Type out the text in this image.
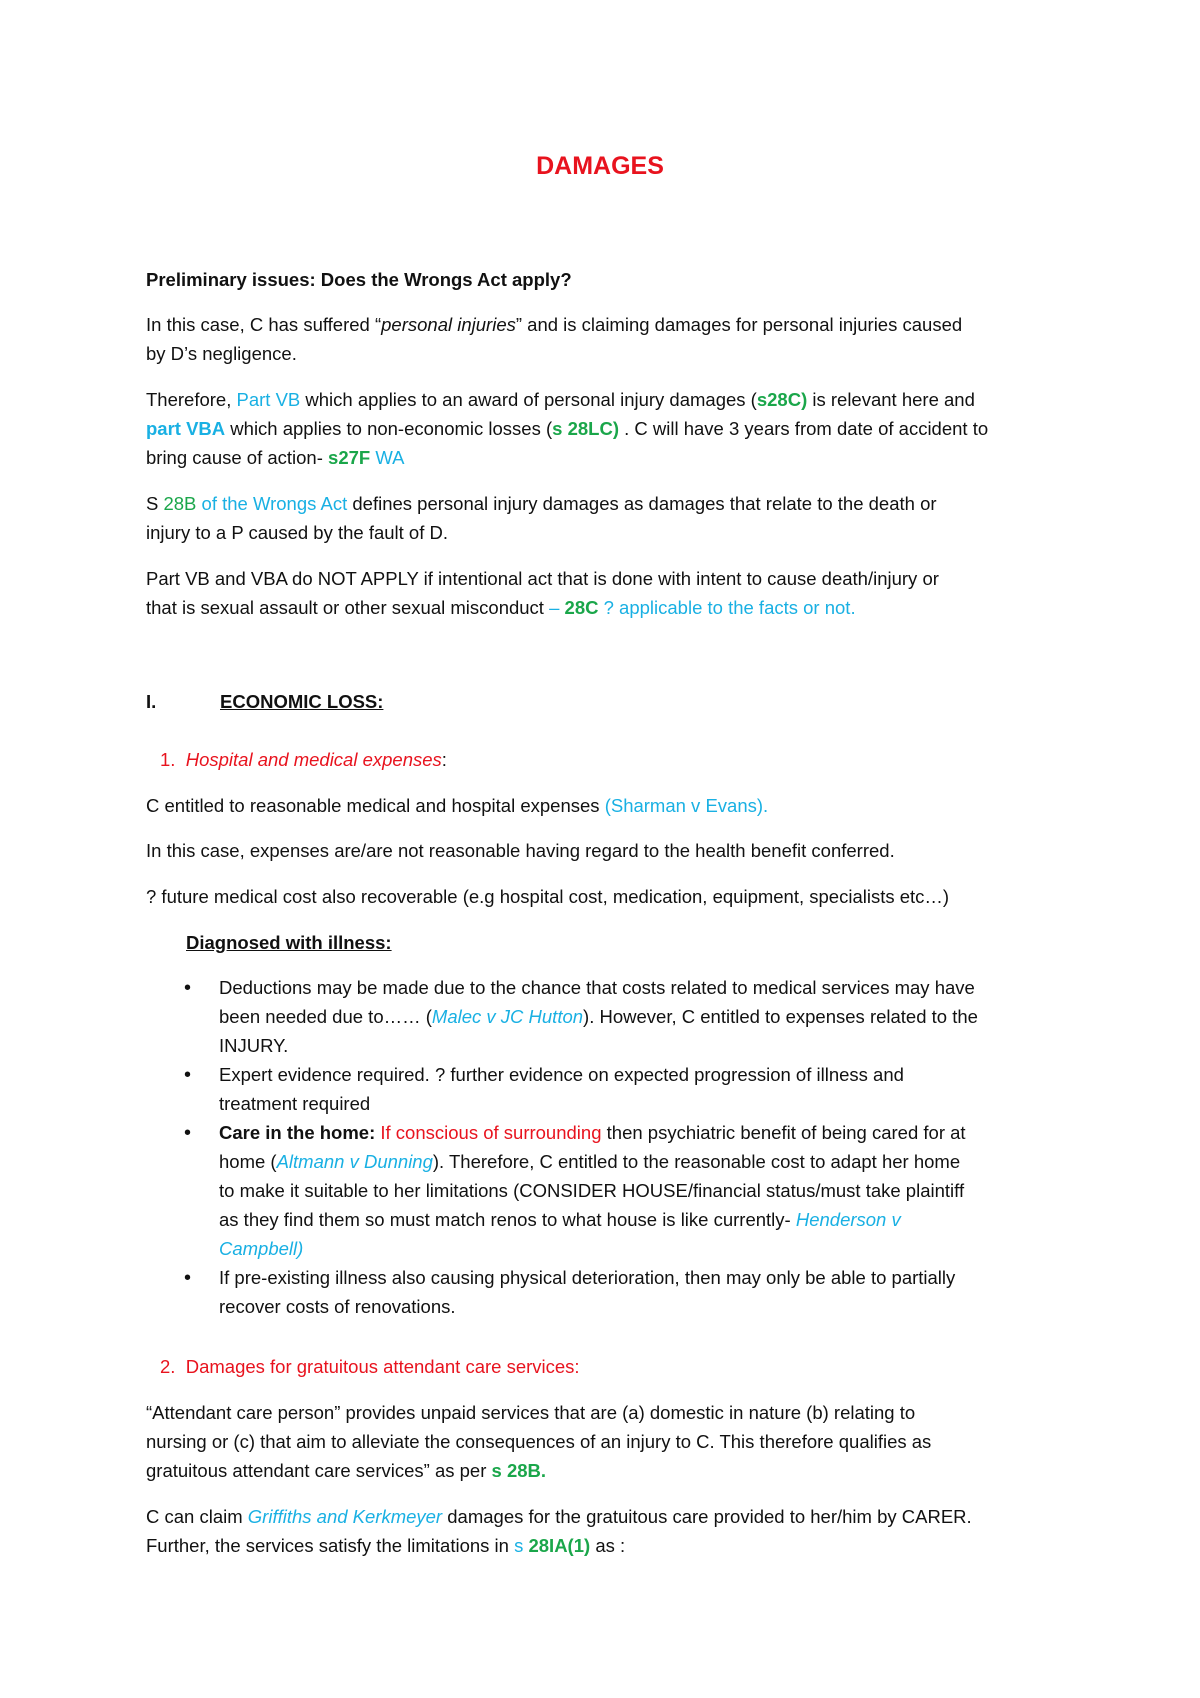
DAMAGES
Preliminary issues: Does the Wrongs Act apply?
In this case, C has suffered “personal injuries” and is claiming damages for personal injuries caused
by D’s negligence.
Therefore, Part VB which applies to an award of personal injury damages (s28C) is relevant here and
part VBA which applies to non-economic losses (s 28LC) . C will have 3 years from date of accident to
bring cause of action- s27F WA
S 28B of the Wrongs Act defines personal injury damages as damages that relate to the death or
injury to a P caused by the fault of D.
Part VB and VBA do NOT APPLY if intentional act that is done with intent to cause death/injury or
that is sexual assault or other sexual misconduct – 28C ? applicable to the facts or not.
I.	ECONOMIC LOSS:
1. Hospital and medical expenses:
C entitled to reasonable medical and hospital expenses (Sharman v Evans).
In this case, expenses are/are not reasonable having regard to the health benefit conferred.
? future medical cost also recoverable (e.g hospital cost, medication, equipment, specialists etc…)
Diagnosed with illness:
• Deductions may be made due to the chance that costs related to medical services may have
been needed due to…… (Malec v JC Hutton). However, C entitled to expenses related to the
INJURY.
• Expert evidence required. ? further evidence on expected progression of illness and
treatment required
• Care in the home: If conscious of surrounding then psychiatric benefit of being cared for at
home (Altmann v Dunning). Therefore, C entitled to the reasonable cost to adapt her home
to make it suitable to her limitations (CONSIDER HOUSE/financial status/must take plaintiff
as they find them so must match renos to what house is like currently- Henderson v
Campbell)
• If pre-existing illness also causing physical deterioration, then may only be able to partially
recover costs of renovations.
2. Damages for gratuitous attendant care services:
“Attendant care person” provides unpaid services that are (a) domestic in nature (b) relating to
nursing or (c) that aim to alleviate the consequences of an injury to C. This therefore qualifies as
gratuitous attendant care services” as per s 28B.
C can claim Griffiths and Kerkmeyer damages for the gratuitous care provided to her/him by CARER.
Further, the services satisfy the limitations in s 28IA(1) as :
